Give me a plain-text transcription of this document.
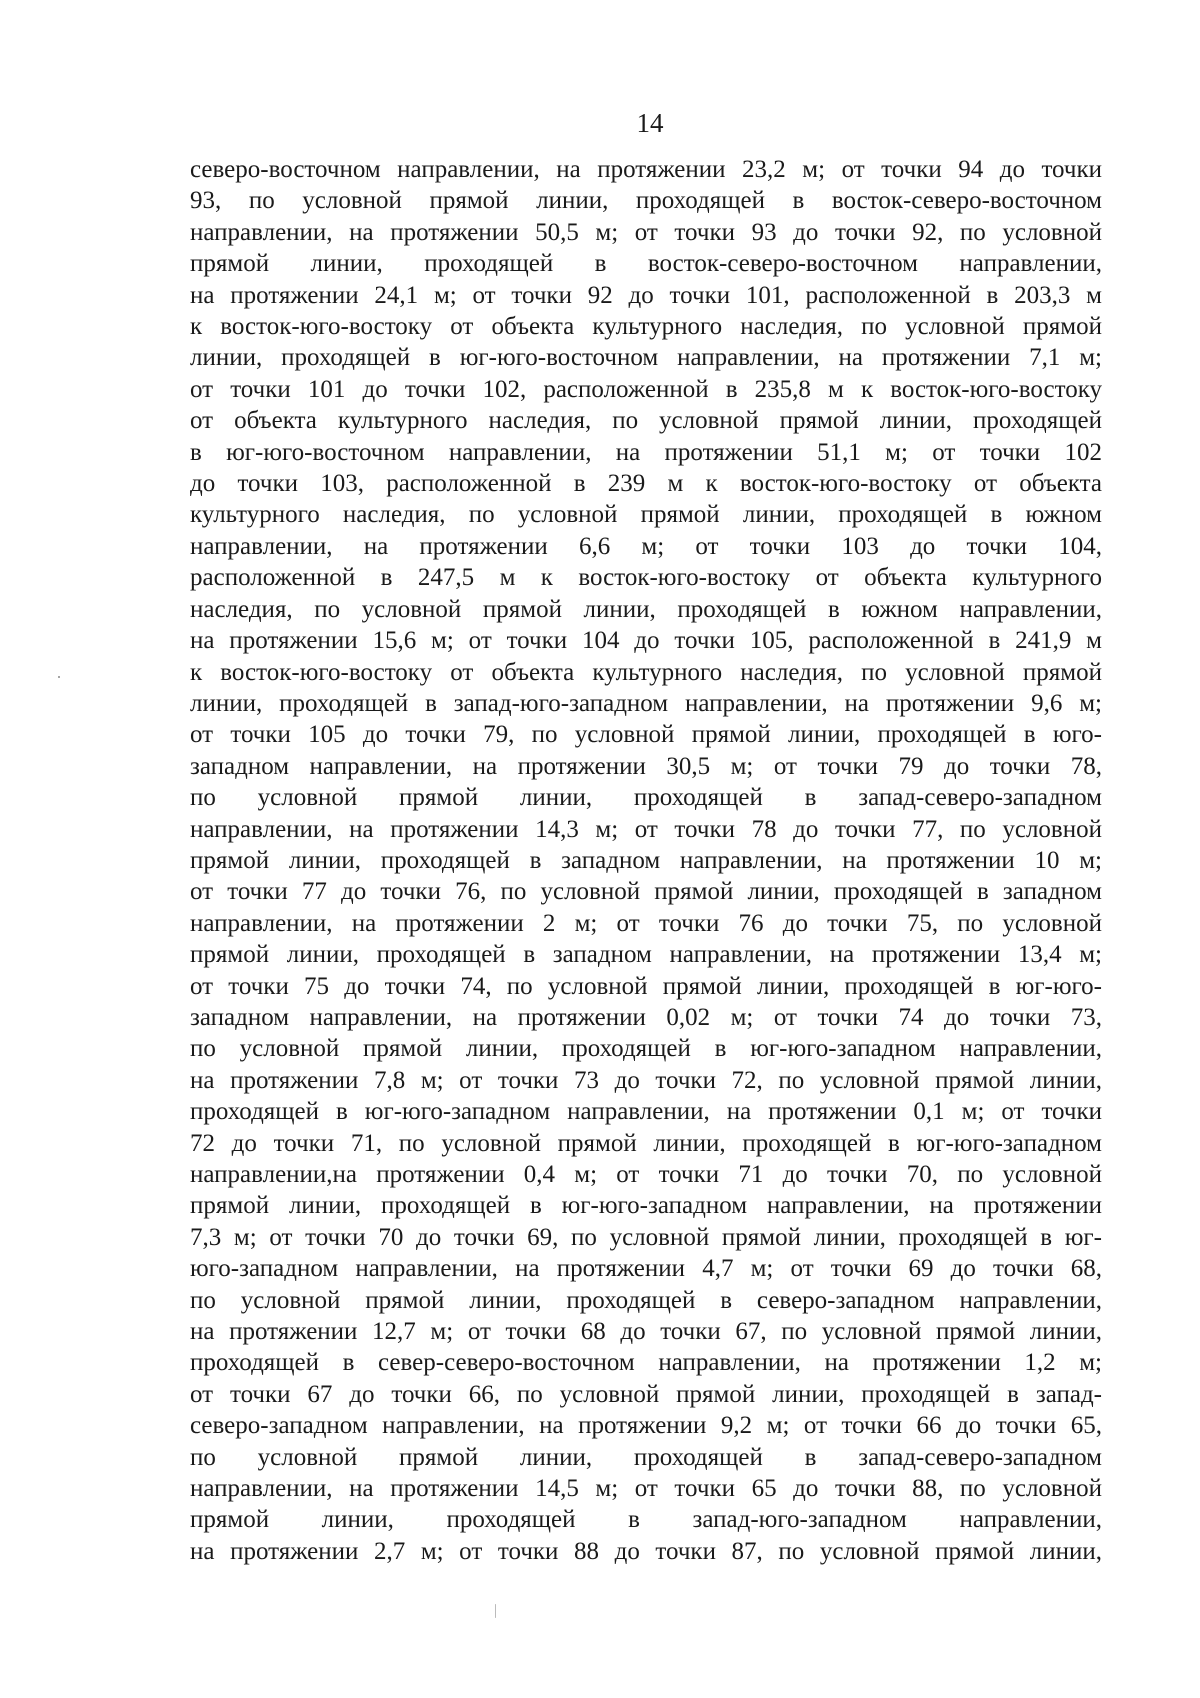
14
северо-восточном направлении, на протяжении 23,2 м; от точки 94 до точки
93, по условной прямой линии, проходящей в восток-северо-восточном
направлении, на протяжении 50,5 м; от точки 93 до точки 92, по условной
прямой линии, проходящей в восток-северо-восточном направлении,
на протяжении 24,1 м; от точки 92 до точки 101, расположенной в 203,3 м
к восток-юго-востоку от объекта культурного наследия, по условной прямой
линии, проходящей в юг-юго-восточном направлении, на протяжении 7,1 м;
от точки 101 до точки 102, расположенной в 235,8 м к восток-юго-востоку
от объекта культурного наследия, по условной прямой линии, проходящей
в юг-юго-восточном направлении, на протяжении 51,1 м; от точки 102
до точки 103, расположенной в 239 м к восток-юго-востоку от объекта
культурного наследия, по условной прямой линии, проходящей в южном
направлении, на протяжении 6,6 м; от точки 103 до точки 104,
расположенной в 247,5 м к восток-юго-востоку от объекта культурного
наследия, по условной прямой линии, проходящей в южном направлении,
на протяжении 15,6 м; от точки 104 до точки 105, расположенной в 241,9 м
к восток-юго-востоку от объекта культурного наследия, по условной прямой
линии, проходящей в запад-юго-западном направлении, на протяжении 9,6 м;
от точки 105 до точки 79, по условной прямой линии, проходящей в юго-
западном направлении, на протяжении 30,5 м; от точки 79 до точки 78,
по условной прямой линии, проходящей в запад-северо-западном
направлении, на протяжении 14,3 м; от точки 78 до точки 77, по условной
прямой линии, проходящей в западном направлении, на протяжении 10 м;
от точки 77 до точки 76, по условной прямой линии, проходящей в западном
направлении, на протяжении 2 м; от точки 76 до точки 75, по условной
прямой линии, проходящей в западном направлении, на протяжении 13,4 м;
от точки 75 до точки 74, по условной прямой линии, проходящей в юг-юго-
западном направлении, на протяжении 0,02 м; от точки 74 до точки 73,
по условной прямой линии, проходящей в юг-юго-западном направлении,
на протяжении 7,8 м; от точки 73 до точки 72, по условной прямой линии,
проходящей в юг-юго-западном направлении, на протяжении 0,1 м; от точки
72 до точки 71, по условной прямой линии, проходящей в юг-юго-западном
направлении,на протяжении 0,4 м; от точки 71 до точки 70, по условной
прямой линии, проходящей в юг-юго-западном направлении, на протяжении
7,3 м; от точки 70 до точки 69, по условной прямой линии, проходящей в юг-
юго-западном направлении, на протяжении 4,7 м; от точки 69 до точки 68,
по условной прямой линии, проходящей в северо-западном направлении,
на протяжении 12,7 м; от точки 68 до точки 67, по условной прямой линии,
проходящей в север-северо-восточном направлении, на протяжении 1,2 м;
от точки 67 до точки 66, по условной прямой линии, проходящей в запад-
северо-западном направлении, на протяжении 9,2 м; от точки 66 до точки 65,
по условной прямой линии, проходящей в запад-северо-западном
направлении, на протяжении 14,5 м; от точки 65 до точки 88, по условной
прямой линии, проходящей в запад-юго-западном направлении,
на протяжении 2,7 м; от точки 88 до точки 87, по условной прямой линии,
